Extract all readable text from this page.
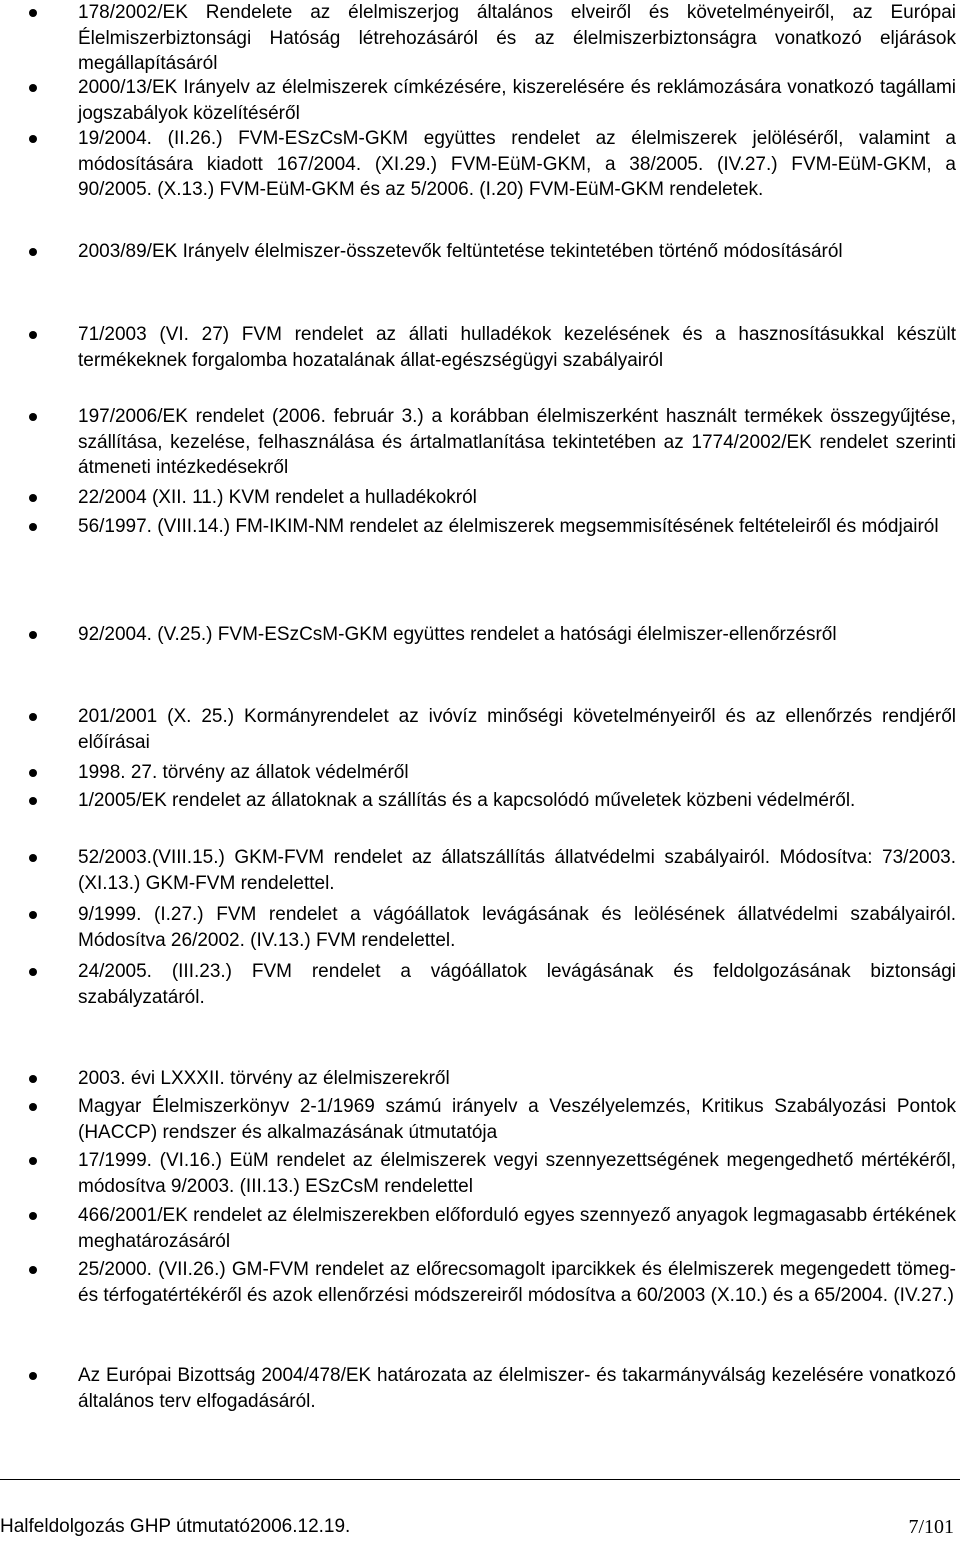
178/2002/EK Rendelete az élelmiszerjog általános elveiről és követelményeiről, az Európai Élelmiszerbiztonsági Hatóság létrehozásáról és az élelmiszerbiztonságra vonatkozó eljárások megállapításáról
2000/13/EK Irányelv az élelmiszerek címkézésére, kiszerelésére és reklámozására vonatkozó tagállami jogszabályok közelítéséről
19/2004. (II.26.) FVM-ESzCsM-GKM együttes rendelet az élelmiszerek jelöléséről, valamint a módosítására kiadott 167/2004. (XI.29.) FVM-EüM-GKM, a 38/2005. (IV.27.) FVM-EüM-GKM, a 90/2005. (X.13.) FVM-EüM-GKM és az 5/2006. (I.20) FVM-EüM-GKM rendeletek.
2003/89/EK Irányelv élelmiszer-összetevők feltüntetése tekintetében történő módosításáról
71/2003 (VI. 27) FVM rendelet az állati hulladékok kezelésének és a hasznosításukkal készült termékeknek forgalomba hozatalának állat-egészségügyi szabályairól
197/2006/EK rendelet (2006. február 3.) a korábban élelmiszerként használt termékek összegyűjtése, szállítása, kezelése, felhasználása és ártalmatlanítása tekintetében az 1774/2002/EK rendelet szerinti átmeneti intézkedésekről
22/2004 (XII. 11.) KVM rendelet a hulladékokról
56/1997. (VIII.14.) FM-IKIM-NM rendelet az élelmiszerek megsemmisítésének feltételeiről és módjairól
92/2004. (V.25.) FVM-ESzCsM-GKM együttes rendelet a hatósági élelmiszer-ellenőrzésről
201/2001 (X. 25.) Kormányrendelet az ivóvíz minőségi követelményeiről és az ellenőrzés rendjéről előírásai
1998. 27. törvény az állatok védelméről
1/2005/EK rendelet az állatoknak a szállítás és a kapcsolódó műveletek közbeni védelméről.
52/2003.(VIII.15.) GKM-FVM rendelet az állatszállítás állatvédelmi szabályairól. Módosítva: 73/2003. (XI.13.) GKM-FVM rendelettel.
9/1999. (I.27.) FVM rendelet a vágóállatok levágásának és leölésének állatvédelmi szabályairól. Módosítva 26/2002. (IV.13.) FVM rendelettel.
24/2005. (III.23.) FVM rendelet a vágóállatok levágásának és feldolgozásának biztonsági szabályzatáról.
2003. évi LXXXII. törvény az élelmiszerekről
Magyar Élelmiszerkönyv 2-1/1969 számú irányelv a Veszélyelemzés, Kritikus Szabályozási Pontok (HACCP) rendszer és alkalmazásának útmutatója
17/1999. (VI.16.) EüM rendelet az élelmiszerek vegyi szennyezettségének megengedhető mértékéről, módosítva 9/2003. (III.13.) ESzCsM rendelettel
466/2001/EK rendelet az élelmiszerekben előforduló egyes szennyező anyagok legmagasabb értékének meghatározásáról
25/2000. (VII.26.) GM-FVM rendelet az előrecsomagolt iparcikkek és élelmiszerek megengedett tömeg- és térfogatértékéről és azok ellenőrzési módszereiről módosítva a 60/2003 (X.10.) és a 65/2004. (IV.27.)
Az Európai Bizottság 2004/478/EK határozata az élelmiszer- és takarmányválság kezelésére vonatkozó általános terv elfogadásáról.
Halfeldolgozás GHP útmutató2006.12.19.	7/101
